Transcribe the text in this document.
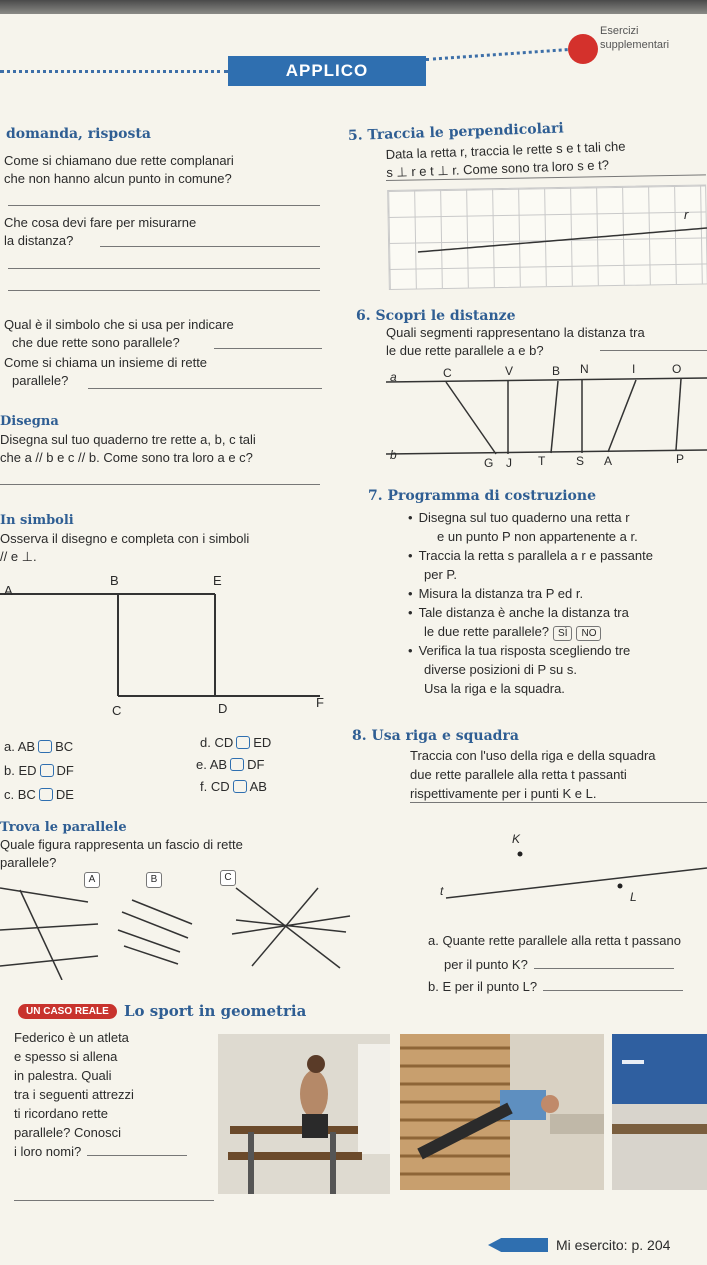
APPLICO
Esercizi
supplementari
domanda, risposta
Come si chiamano due rette complanari
che non hanno alcun punto in comune?
Che cosa devi fare per misurarne
la distanza?
Qual è il simbolo che si usa per indicare
che due rette sono parallele?
Come si chiama un insieme di rette
parallele?
Disegna
Disegna sul tuo quaderno tre rette a, b, c tali
che a // b e c // b. Come sono tra loro a e c?
In simboli
Osserva il disegno e completa con i simboli
// e ⊥.
A
B	E
C	D	F
a. AB BC
b. ED DF
c. BC DE
d. CD ED
e. AB DF
f. CD AB
Trova le parallele
Quale figura rappresenta un fascio di rette
parallele?
A	B	C
5. Traccia le perpendicolari
Data la retta r, traccia le rette s e t tali che
s ⊥ r e t ⊥ r. Come sono tra loro s e t?
r
6. Scopri le distanze
Quali segmenti rappresentano la distanza tra
le due rette parallele a e b?
a	C	V	B N	I	O
b
G J T	S A	P
7. Programma di costruzione
• Disegna sul tuo quaderno una retta r
e un punto P non appartenente a r.
• Traccia la retta s parallela a r e passante
per P.
• Misura la distanza tra P ed r.
• Tale distanza è anche la distanza tra
le due rette parallele? SÌ NO
• Verifica la tua risposta scegliendo tre
diverse posizioni di P su s.
Usa la riga e la squadra.
8. Usa riga e squadra
Traccia con l'uso della riga e della squadra
due rette parallele alla retta t passanti
rispettivamente per i punti K e L.
K
t	L
a. Quante rette parallele alla retta t passano
per il punto K?
b. E per il punto L?
UN CASO REALE	Lo sport in geometria
Federico è un atleta
e spesso si allena
in palestra. Quali
tra i seguenti attrezzi
ti ricordano rette
parallele? Conosci
i loro nomi?
Mi esercito: p. 204
